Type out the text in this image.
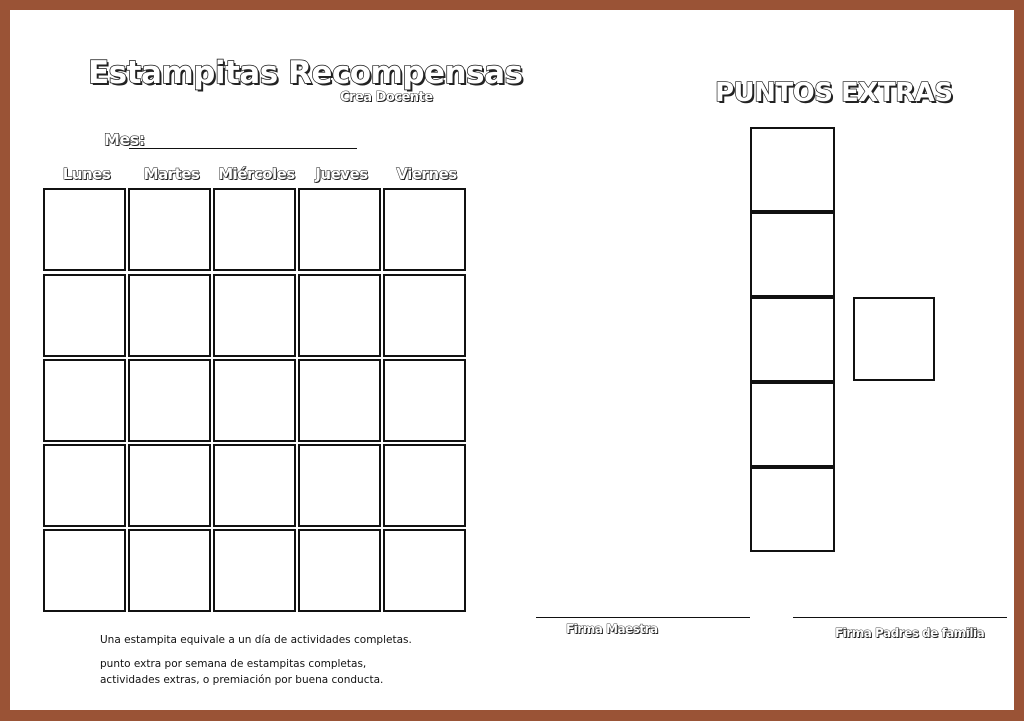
Estampitas Recompensas
Crea Docente
Mes:
Lunes	Martes	Miércoles	Jueves	Viernes
Una estampita equivale a un día de actividades completas.
punto extra por semana de estampitas completas,
actividades extras, o premiación por buena conducta.
PUNTOS EXTRAS
Firma Maestra	Firma Padres de familia
